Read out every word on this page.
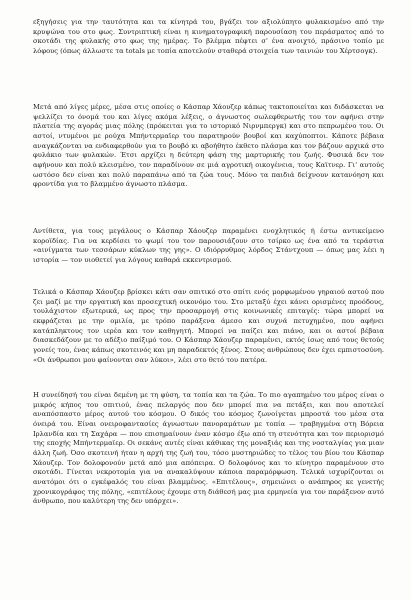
εξηγήσεις για την ταυτότητα και τα κίνητρά του, βγάζει τον αξιολύπητο φυλακισμένο από την κρυψώνα του στο φως. Συντριπτική είναι η κινηματογραφική παρουσίαση του περάσματος από το σκοτάδι της φυλακής στο φως της ημέρας. Το βλέμμα πέφτει σ' ένα ανοιχτό, πράσινο τοπίο με λόφους (όπως άλλωστε τα totals με τοπία αποτελούν σταθερά στοιχεία των ταινιών του Χέρτσογκ).

Μετά από λίγες μέρες, μέσα στις οποίες ο Κάσπαρ Χάουζερ κάπως τακτοποιείται και διδάσκεται να ψελλίζει το όνομά του και λίγες ακόμα λέξεις, ο άγνωστος σωλεφθερωτής του τον αφήνει στην πλατεία της αγοράς μιας πόλης (πρόκειται για το ιστορικό Νιρνμπεργκ) και στο πεπρωμένο του. Οι αστοί, ντυμένοι με ρούχα Μπήντερμαϊερ του παρατηρούν βουβοί και καχύποπτοι. Κάποτε βέβαια αναγκάζονται να ενδιαφερθούν για το βουβό κι αβοήθητο έκθετο πλάσμα και τον βάζουν αρχικά στο φυλάκιο των φυλακών. Έτσι αρχίζει η δεύτερη φάση της μαρτυρικής του ζωής. Φυσικά δεν τον αφήνουν και πολύ κλεισμένο, τον παραδίνουν σε μιά αγροτική οικογένεια, τους Καϊτνερ. Γι' αυτούς ωστόσο δεν είναι και πολύ παραπάνω από τα ζώα τους. Μόνο τα παιδιά δείχνουν κατανόηση και φροντίδα για το βλαμμένο άγνωστο πλάσμα.

Αντίθετα, για τους μεγάλους ο Κάσπαρ Χάουζερ παραμένει ενοχλητικός ή έστω αντικείμενο κοροϊδίας. Για να κερδίσει το ψωμί του τον παρουσιάζουν στο τσίρκο ως ένα από τα τεράστια «αινίγματα των τεσσάρων κύκλων της γης». Ο ιδιόρρυθμος λόρδος Στάντχουπ — όπως μας λέει η ιστορία — τον υιοθετεί για λόγους καθαρά εκκεντρισμού.

Τελικά ο Κάσπαρ Χάουζερ βρίσκει κάτι σαν σπιτικό στο σπίτι ενός μορφωμένου γηραιού αστού που ζει μαζί με την εργατική και προσεχτική οικονόμο του. Στο μεταξύ έχει κάνει ορισμένες προόδους, τουλάχιστον εξωτερικά, ως προς την προσαρμογή στις κοινωνικές επιταγές: τώρα μπορεί να εκφράζεται με την ομιλία, με τρόπο παράξενα άμεσο και συχνά πετυχημένο, που αφήνει κατάπληκτους τον ιερέα και τον καθηγητή. Μπορεί να παίζει και πιάνο, και οι αστοί βέβαια διασκεδάζουν με το αδέξιο παίξιμό του. Ο Κάσπαρ Χάουζερ παραμένει, εκτός ίσως από τους θετούς γονείς του, ένας κάπως σκοτεινός και μη παραδεκτός ξένος. Στους ανθρώπους δεν έχει εμπιστοσύνη. «Οι άνθρωποι μου φαίνονται σαν λύκοι», λέει στο θετό του πατέρα.

Η συνείδησή του είναι δεμένη με τη φύση, τα τοπία και τα ζώα. Το πιο αγαπημένο του μέρος είναι ο μικρός κήπος του σπιτιού, ένας πελαργός που δεν μπορεί πια να πετάξει, και που αποτελεί αναπόσπαστο μέρος αυτού του κόσμου. Ο δικός του κόσμος ζωνοίγεται μπροστά του μέσα στα όνειρά του. Είναι ονειροφαντασίες άγνωστων πανοραμάτων με τοπία — τραβηγμένα στη Βόρεια Ιρλανδία και τη Σαχάρα — που επισημαίνουν έναν κόσμο έξω από τη στενότητα και τον περιορισμό της εποχής Μπήντερμαϊερ. Οι σεκάνς αυτές είναι κάθικας της μοναξιάς και της νοσταλγίας για μιαν άλλη ζωή. Όσο σκοτεινή ήταν η αρχή της ζωή του, τόσο μυστηριώδες το τέλος του βίου του Κάσπαρ Χάουζερ. Τον δολοφονούν μετά από μια απόπειρα. Ο δολοφόνος και το κίνητρο παραμένουν στο σκοτάδι. Γίνεται νεκροτομία για να ανακαλύψουν κάποια παραμόρφωση. Τελικά ισχυρίζονται οι ανατόμοι ότι ο εγκέφαλός του είναι βλαμμένος. «Επιτέλους», σημειώνει ο ανάπηρος κε γενετής χρονικογράφος της πόλης, «επιτέλους έχουμε στη διάθεσή μας μια ερμηνεία για τον παράξενον αυτό άνθρωπο, που καλύτερη της δεν υπάρχει».
